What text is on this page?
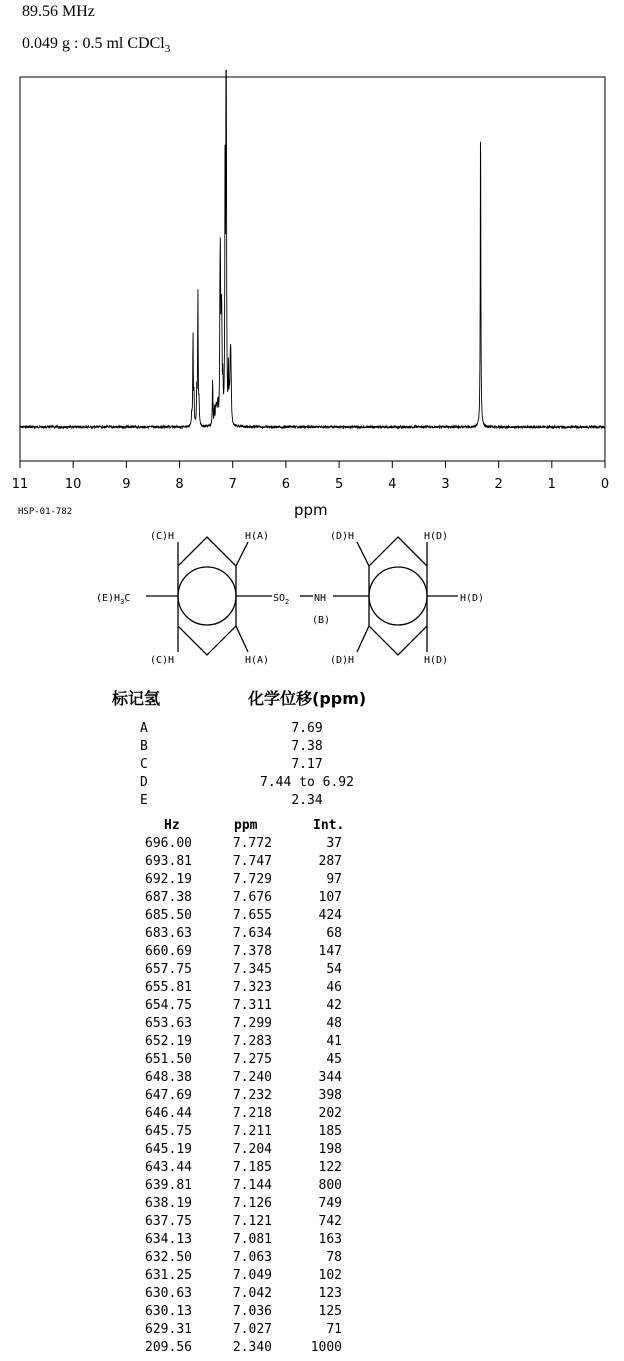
89.56 MHz
0.049 g : 0.5 ml CDCl$_3$
11	10	9	8	7	6	5	4	3	2	1	0
HSP-01-782	ppm
(C)H	H(A)	(D)H	H(D)
$(E)H_3C$	$SO_2$ NH
(B)
H(D)
(C)H	H(A)	(D)H	H(D)
标记氢	化学位移(ppm)
A	7.69
B	7.38
C	7.17
D	7.44 to 6.92
E	2.34
Hz	ppm	Int.
696.00	7.772	37
693.81	7.747	287
692.19	7.729	97
687.38	7.676	107
685.50	7.655	424
683.63	7.634	68
660.69	7.378	147
657.75	7.345	54
655.81	7.323	46
654.75	7.311	42
653.63	7.299	48
652.19	7.283	41
651.50	7.275	45
648.38	7.240	344
647.69	7.232	398
646.44	7.218	202
645.75	7.211	185
645.19	7.204	198
643.44	7.185	122
639.81	7.144	800
638.19	7.126	749
637.75	7.121	742
634.13	7.081	163
632.50	7.063	78
631.25	7.049	102
630.63	7.042	123
630.13	7.036	125
629.31	7.027	71
209.56	2.340	1000
